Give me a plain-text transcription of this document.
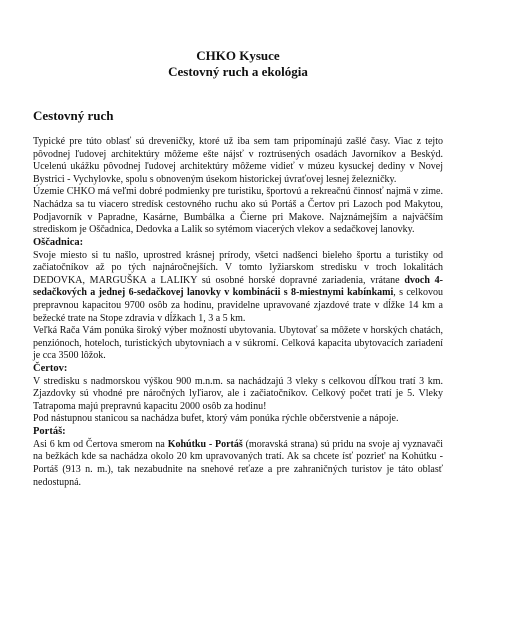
CHKO Kysuce
Cestovný ruch a ekológia
Cestovný ruch

Typické pre túto oblasť sú dreveničky, ktoré už iba sem tam pripomínajú zašlé časy. Viac z tejto pôvodnej ľudovej architektúry môžeme ešte nájsť v roztrúsených osadách Javorníkov a Beskýd. Ucelenú ukážku pôvodnej ľudovej architektúry môžeme vidieť v múzeu kysuckej dediny v Novej Bystrici - Vychylovke, spolu s obnoveným úsekom historickej úvraťovej lesnej železničky.

Územie CHKO má veľmi dobré podmienky pre turistiku, športovú a rekreačnú činnosť najmä v zime. Nachádza sa tu viacero stredísk cestovného ruchu ako sú Portáš a Čertov pri Lazoch pod Makytou, Podjavorník v Papradne, Kasárne, Bumbálka a Čierne pri Makove. Najznámejším a najväčším strediskom je Oščadnica, Dedovka a Lalik so sytémom viacerých vlekov a sedačkovej lanovky.

Oščadnica:

Svoje miesto si tu našlo, uprostred krásnej prírody, všetci nadšenci bieleho športu a turistiky od začiatočníkov až po tých najnáročnejších. V tomto lyžiarskom stredisku v troch lokalitách DEDOVKA, MARGUŠKA a LALIKY sú osobné horské dopravné zariadenia, vrátane dvoch 4-sedačkových a jednej 6-sedačkovej lanovky v kombinácii s 8-miestnymi kabínkami, s celkovou prepravnou kapacitou 9700 osôb za hodinu, pravidelne upravované zjazdové trate v dĺžke 14 km a bežecké trate na Stope zdravia v dĺžkach 1, 3 a 5 km.

Veľká Rača Vám ponúka široký výber možností ubytovania. Ubytovať sa môžete v horských chatách, penziónoch, hoteloch, turistických ubytovniach a v súkromí. Celková kapacita ubytovacích zariadení je cca 3500 lôžok.

Čertov:

V stredisku s nadmorskou výškou 900 m.n.m. sa nachádzajú 3 vleky s celkovou dĺľkou tratí 3 km. Zjazdovky sú vhodné pre náročných lyľiarov, ale i začiatočníkov. Celkový počet tratí je 5. Vleky Tatrapoma majú prepravnú kapacitu 2000 osôb za hodinu!

Pod nástupnou stanicou sa nachádza bufet, ktorý vám ponúka rýchle občerstvenie a nápoje.

Portáš:

Asi 6 km od Čertova smerom na Kohútku - Portáš (moravská strana) sú pridu na svoje aj vyznavači na bežkách kde sa nachádza okolo 20 km upravovaných tratí. Ak sa chcete ísť pozriet' na Kohútku - Portáš (913 n. m.), tak nezabudnite na snehové reťaze a pre zahraničných turistov je táto oblasť nedostupná.
